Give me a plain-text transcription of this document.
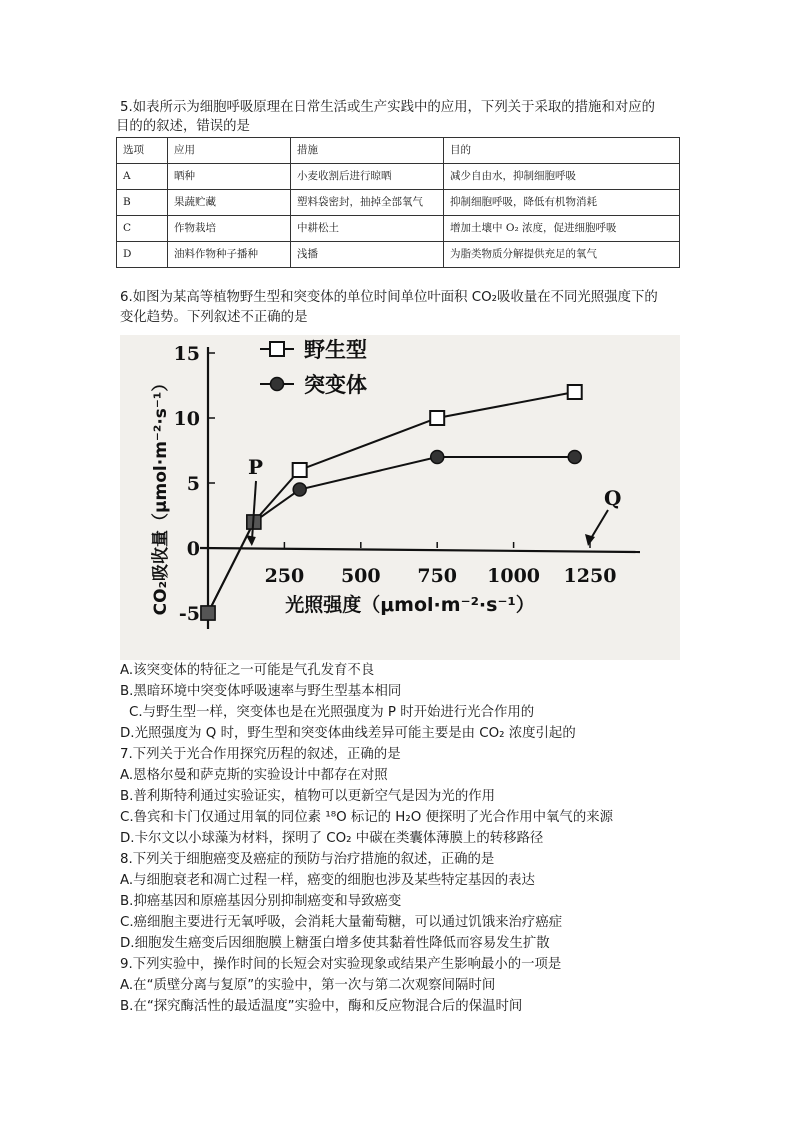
5.如表所示为细胞呼吸原理在日常生活或生产实践中的应用，下列关于采取的措施和对应的
目的的叙述，错误的是
选项	应用	措施	目的
A	晒种	小麦收割后进行晾晒	减少自由水，抑制细胞呼吸
B	果蔬贮藏	塑料袋密封，抽掉全部氧气	抑制细胞呼吸，降低有机物消耗
C	作物栽培	中耕松土	增加土壤中 O₂ 浓度，促进细胞呼吸
D	油料作物种子播种	浅播	为脂类物质分解提供充足的氧气
6.如图为某高等植物野生型和突变体的单位时间单位叶面积 CO₂吸收量在不同光照强度下的
变化趋势。下列叙述不正确的是
-5
0
5
10
15
250 500 750 1000 1250
光照强度（μmol·m⁻²·s⁻¹）
CO₂吸收量（μmol·m⁻²·s⁻¹）
野生型
突变体
P
Q
A.该突变体的特征之一可能是气孔发育不良
B.黑暗环境中突变体呼吸速率与野生型基本相同
C.与野生型一样，突变体也是在光照强度为 P 时开始进行光合作用的
D.光照强度为 Q 时，野生型和突变体曲线差异可能主要是由 CO₂ 浓度引起的
7.下列关于光合作用探究历程的叙述，正确的是
A.恩格尔曼和萨克斯的实验设计中都存在对照
B.普利斯特利通过实验证实，植物可以更新空气是因为光的作用
C.鲁宾和卡门仅通过用氧的同位素 ¹⁸O 标记的 H₂O 便探明了光合作用中氧气的来源
D.卡尔文以小球藻为材料，探明了 CO₂ 中碳在类囊体薄膜上的转移路径
8.下列关于细胞癌变及癌症的预防与治疗措施的叙述，正确的是
A.与细胞衰老和凋亡过程一样，癌变的细胞也涉及某些特定基因的表达
B.抑癌基因和原癌基因分别抑制癌变和导致癌变
C.癌细胞主要进行无氧呼吸，会消耗大量葡萄糖，可以通过饥饿来治疗癌症
D.细胞发生癌变后因细胞膜上糖蛋白增多使其黏着性降低而容易发生扩散
9.下列实验中，操作时间的长短会对实验现象或结果产生影响最小的一项是
A.在“质壁分离与复原”的实验中，第一次与第二次观察间隔时间
B.在“探究酶活性的最适温度”实验中，酶和反应物混合后的保温时间
